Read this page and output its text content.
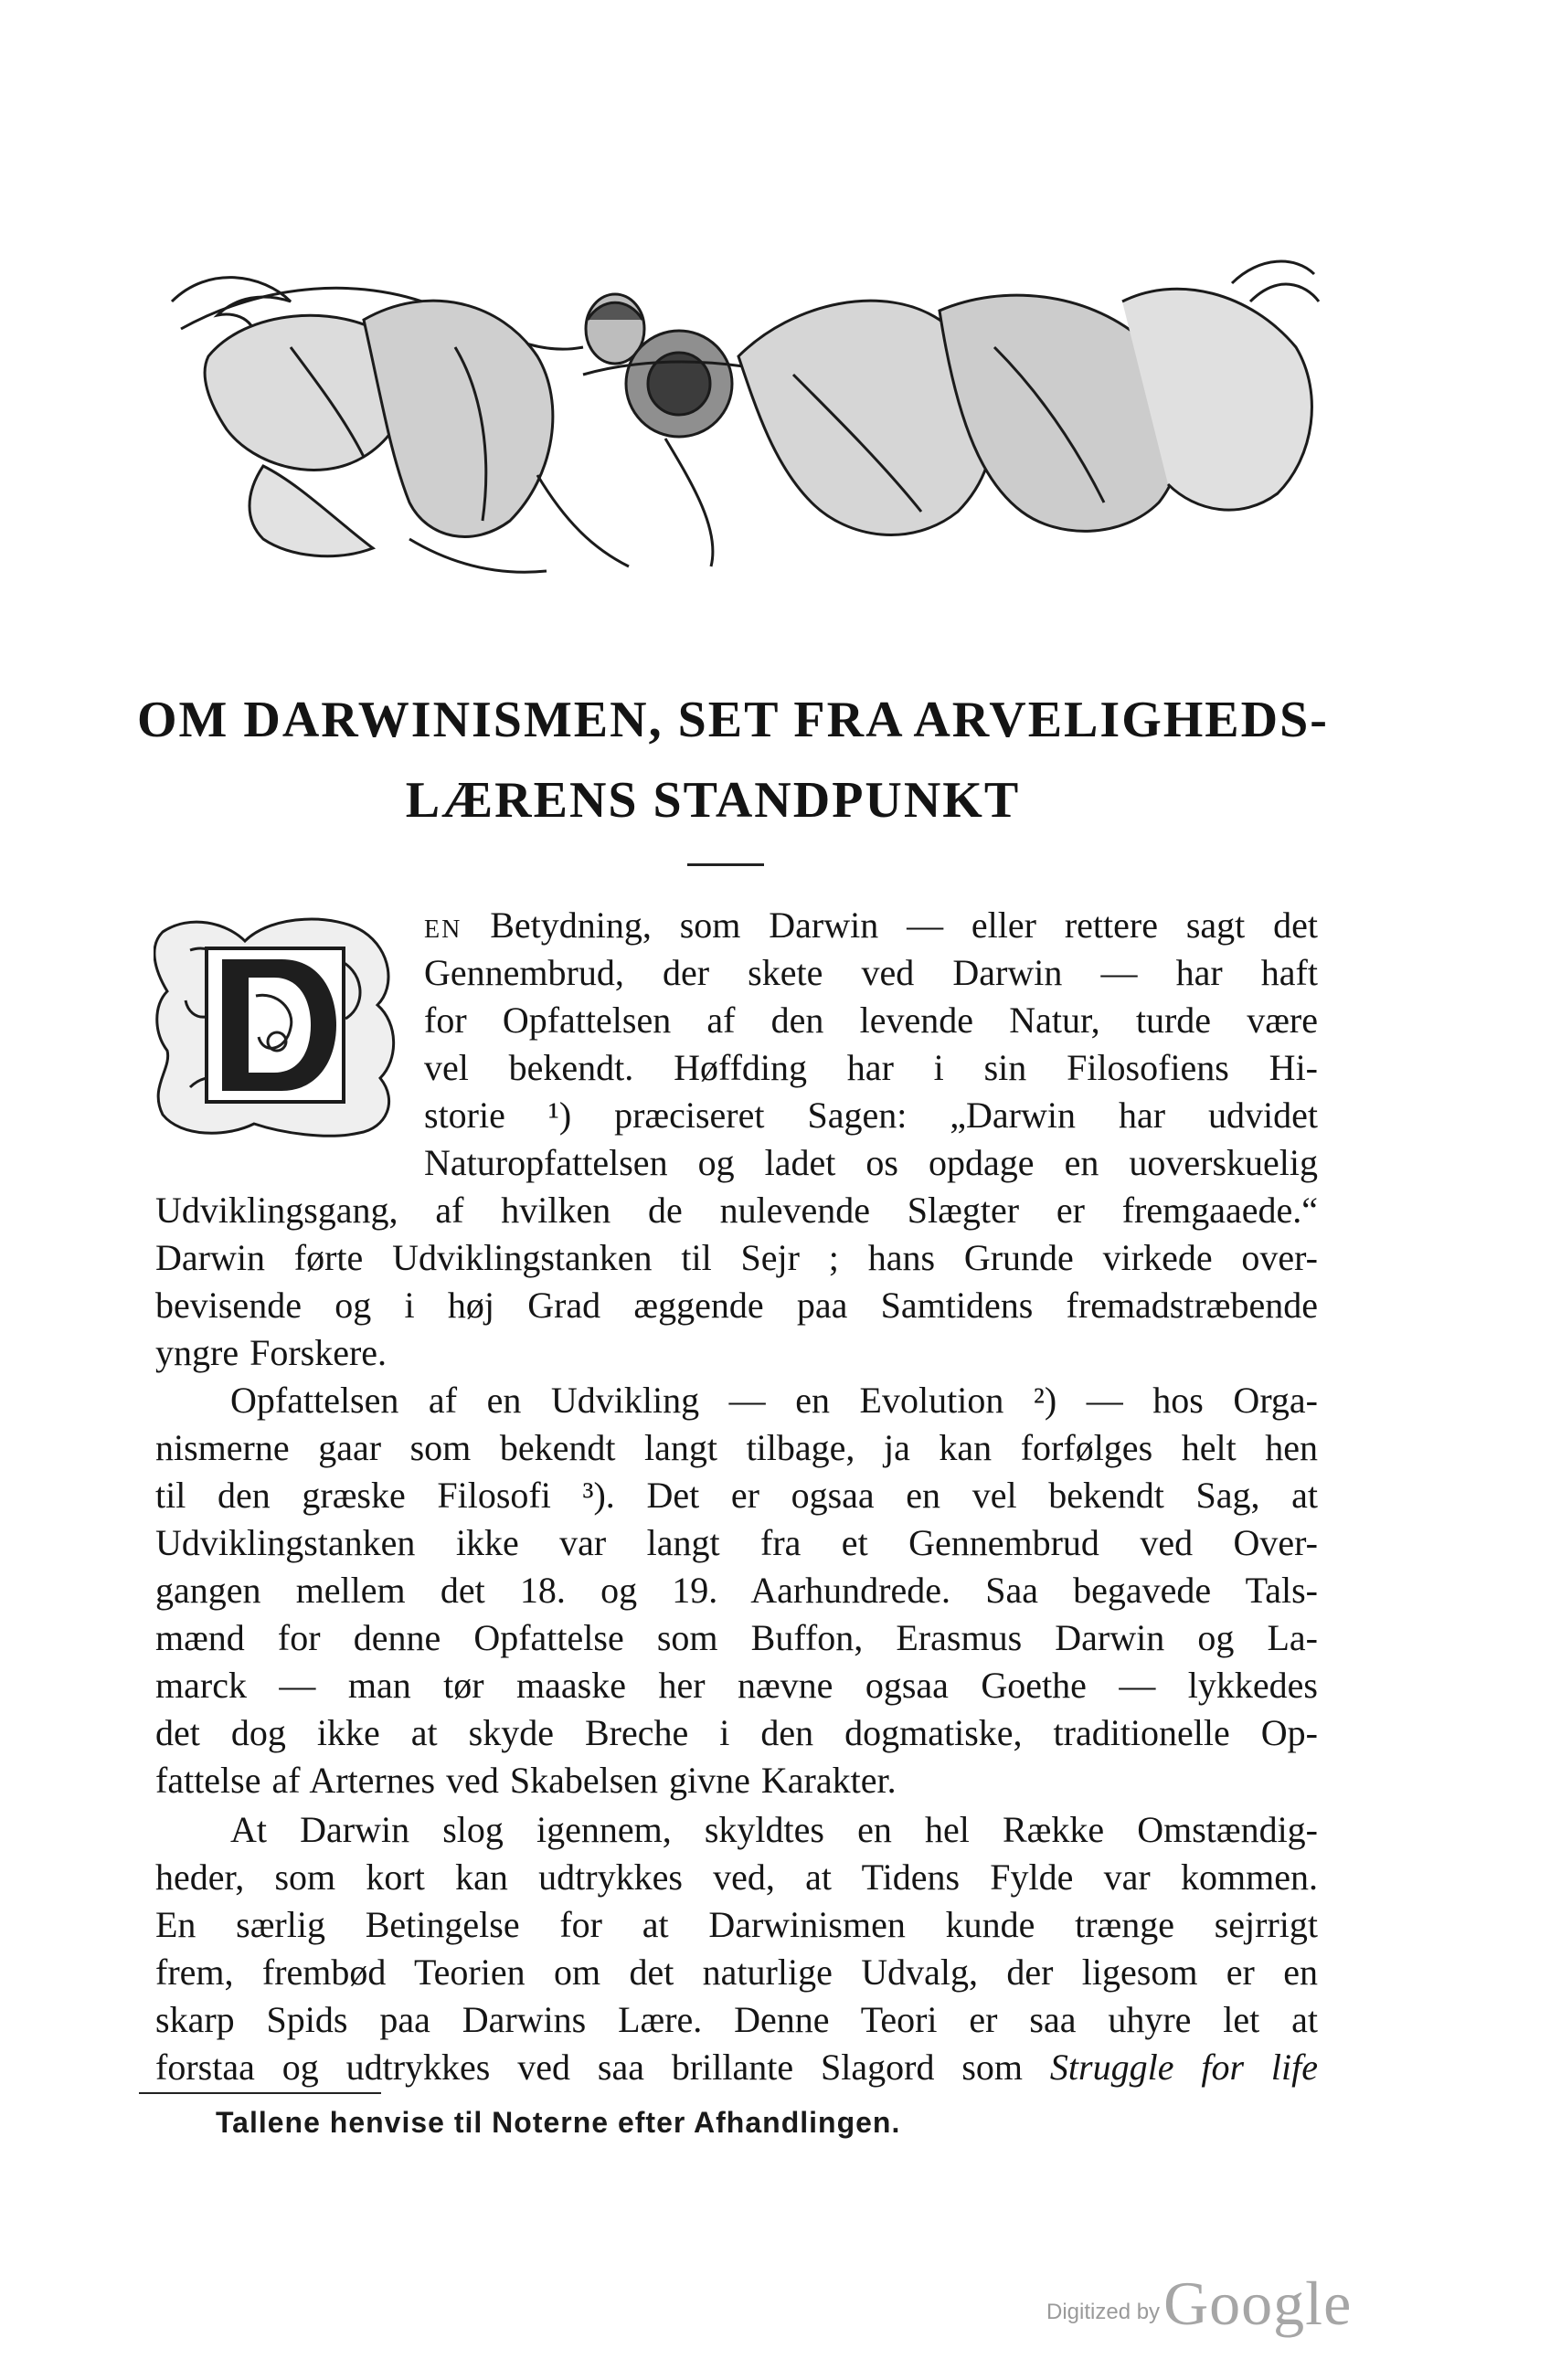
OM DARWINISMEN, SET FRA ARVELIGHEDS-
LÆRENS STANDPUNKT
D
EN Betydning, som Darwin — eller rettere sagt det
Gennembrud, der skete ved Darwin — har haft
for Opfattelsen af den levende Natur, turde være
vel bekendt. Høffding har i sin Filosofiens Hi-
storie ¹) præciseret Sagen: „Darwin har udvidet
Naturopfattelsen og ladet os opdage en uoverskuelig
Udviklingsgang, af hvilken de nulevende Slægter er fremgaaede.“
Darwin førte Udviklingstanken til Sejr ; hans Grunde virkede over-
bevisende og i høj Grad æggende paa Samtidens fremadstræbende
yngre Forskere.
Opfattelsen af en Udvikling — en Evolution ²) — hos Orga-
nismerne gaar som bekendt langt tilbage, ja kan forfølges helt hen
til den græske Filosofi ³). Det er ogsaa en vel bekendt Sag, at
Udviklingstanken ikke var langt fra et Gennembrud ved Over-
gangen mellem det 18. og 19. Aarhundrede. Saa begavede Tals-
mænd for denne Opfattelse som Buffon, Erasmus Darwin og La-
marck — man tør maaske her nævne ogsaa Goethe — lykkedes
det dog ikke at skyde Breche i den dogmatiske, traditionelle Op-
fattelse af Arternes ved Skabelsen givne Karakter.
At Darwin slog igennem, skyldtes en hel Række Omstændig-
heder, som kort kan udtrykkes ved, at Tidens Fylde var kommen.
En særlig Betingelse for at Darwinismen kunde trænge sejrrigt
frem, frembød Teorien om det naturlige Udvalg, der ligesom er en
skarp Spids paa Darwins Lære. Denne Teori er saa uhyre let at
forstaa og udtrykkes ved saa brillante Slagord som Struggle for life
Tallene henvise til Noterne efter Afhandlingen.
Digitized byGoogle
